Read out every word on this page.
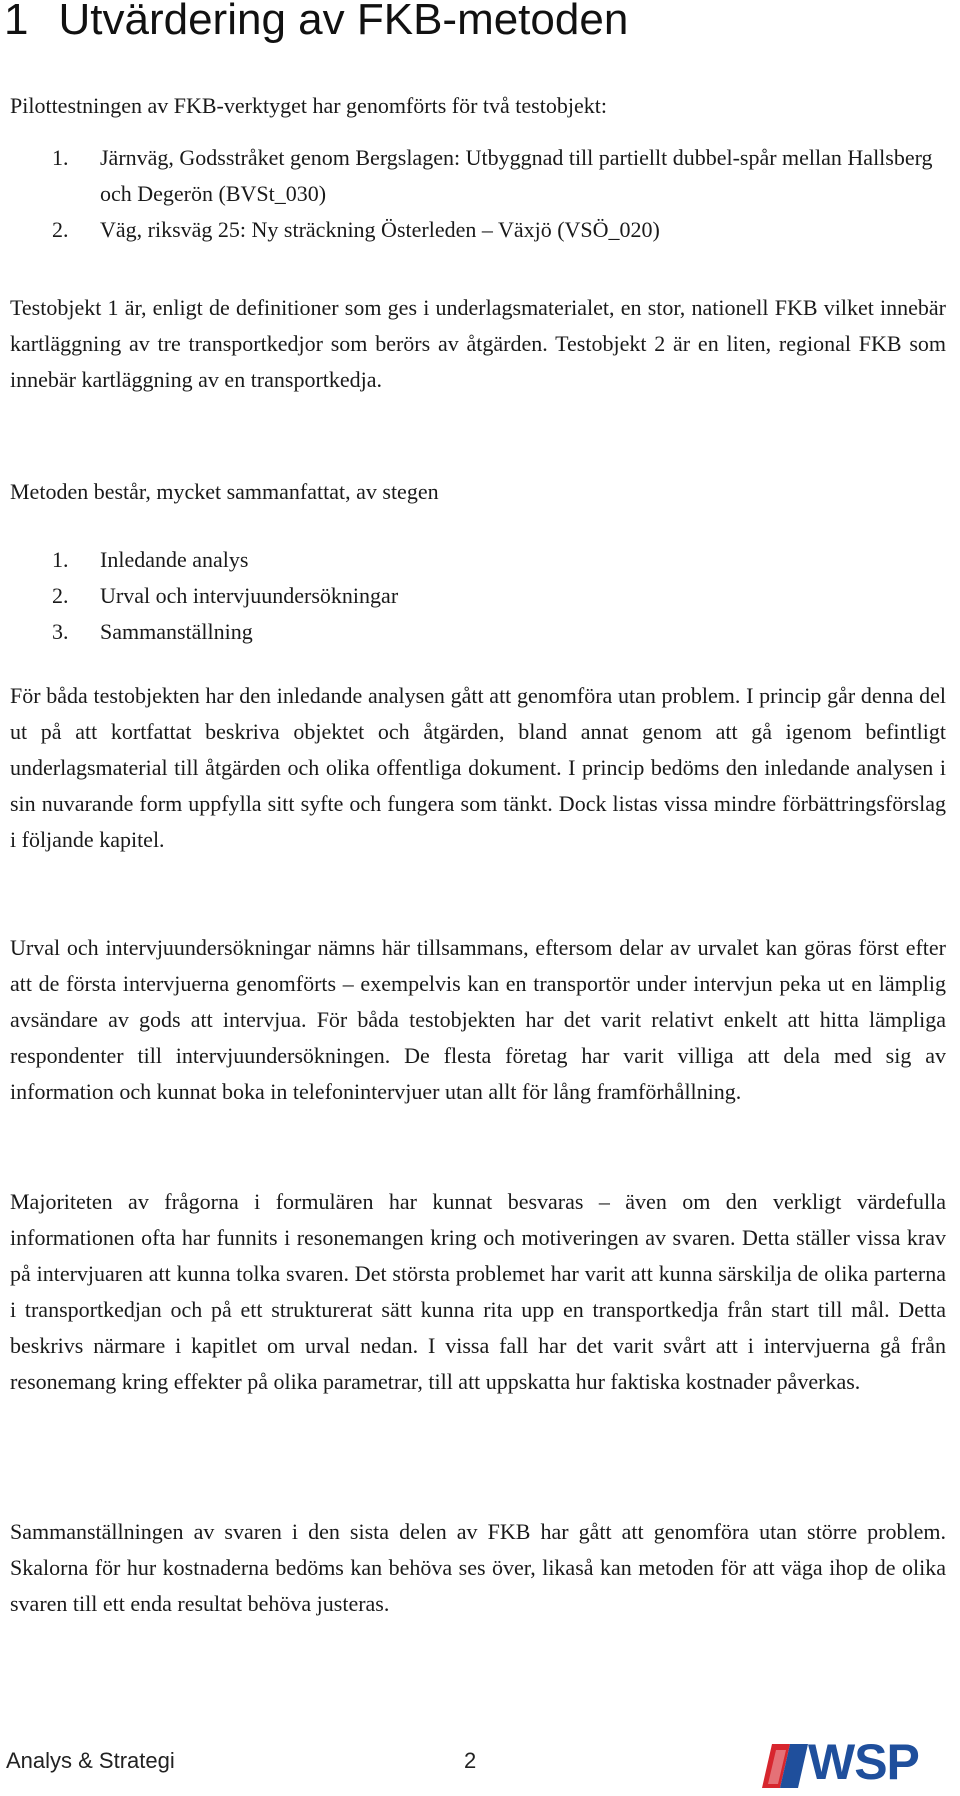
1 Utvärdering av FKB-metoden

Pilottestningen av FKB-verktyget har genomförts för två testobjekt:

1. Järnväg, Godsstråket genom Bergslagen: Utbyggnad till partiellt dubbel-spår mellan Hallsberg och Degerön (BVSt_030)
2. Väg, riksväg 25: Ny sträckning Österleden – Växjö (VSÖ_020)

Testobjekt 1 är, enligt de definitioner som ges i underlagsmaterialet, en stor, nationell FKB vilket innebär kartläggning av tre transportkedjor som berörs av åtgärden. Testobjekt 2 är en liten, regional FKB som innebär kartläggning av en transportkedja.

Metoden består, mycket sammanfattat, av stegen

1. Inledande analys
2. Urval och intervjuundersökningar
3. Sammanställning

För båda testobjekten har den inledande analysen gått att genomföra utan problem. I princip går denna del ut på att kortfattat beskriva objektet och åtgärden, bland annat genom att gå igenom befintligt underlagsmaterial till åtgärden och olika offentliga dokument. I princip bedöms den inledande analysen i sin nuvarande form uppfylla sitt syfte och fungera som tänkt. Dock listas vissa mindre förbättringsförslag i följande kapitel.

Urval och intervjuundersökningar nämns här tillsammans, eftersom delar av urvalet kan göras först efter att de första intervjuerna genomförts – exempelvis kan en transportör under intervjun peka ut en lämplig avsändare av gods att intervjua. För båda testobjekten har det varit relativt enkelt att hitta lämpliga respondenter till intervjuundersökningen. De flesta företag har varit villiga att dela med sig av information och kunnat boka in telefonintervjuer utan allt för lång framförhållning.

Majoriteten av frågorna i formulären har kunnat besvaras – även om den verkligt värdefulla informationen ofta har funnits i resonemangen kring och motiveringen av svaren. Detta ställer vissa krav på intervjuaren att kunna tolka svaren. Det största problemet har varit att kunna särskilja de olika parterna i transportkedjan och på ett strukturerat sätt kunna rita upp en transportkedja från start till mål. Detta beskrivs närmare i kapitlet om urval nedan. I vissa fall har det varit svårt att i intervjuerna gå från resonemang kring effekter på olika parametrar, till att uppskatta hur faktiska kostnader påverkas.

Sammanställningen av svaren i den sista delen av FKB har gått att genomföra utan större problem. Skalorna för hur kostnaderna bedöms kan behöva ses över, likaså kan metoden för att väga ihop de olika svaren till ett enda resultat behöva justeras.

Analys & Strategi	2	WSP
